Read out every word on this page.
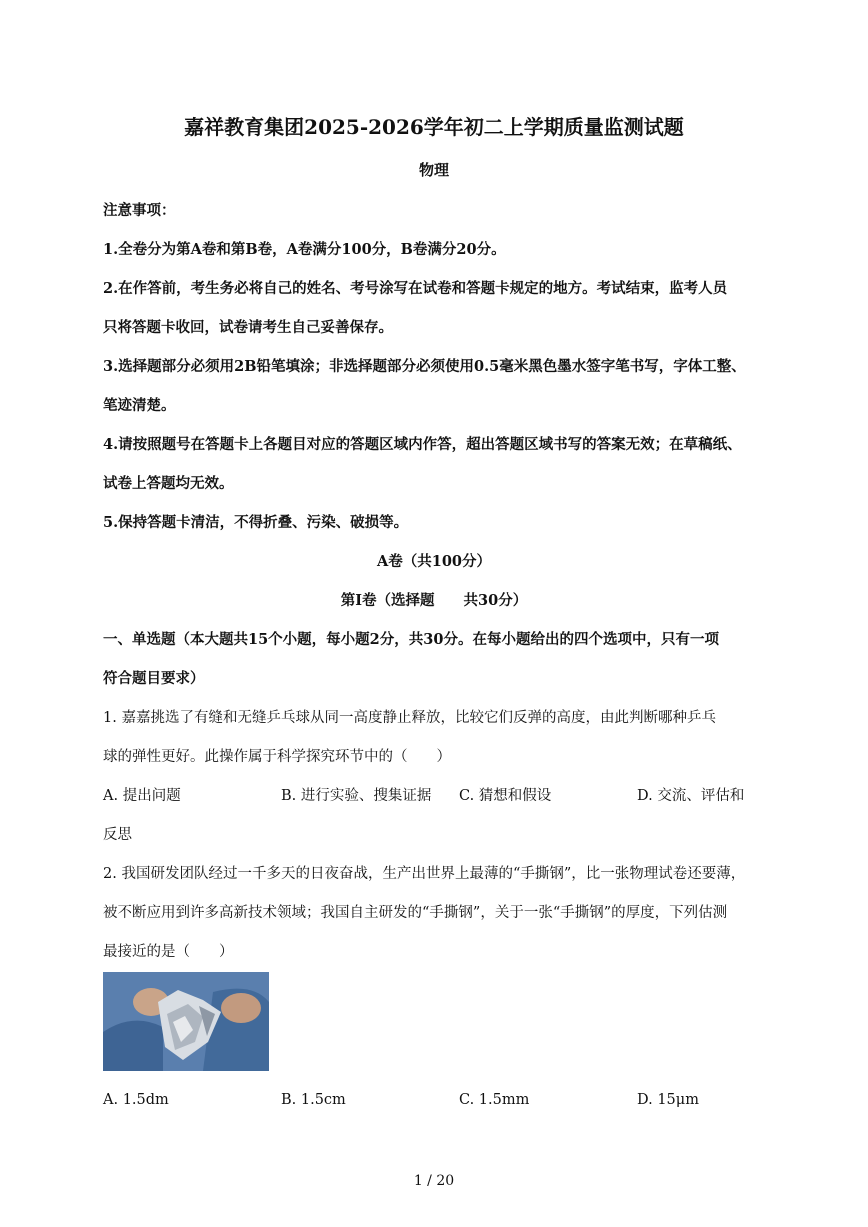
嘉祥教育集团2025-2026学年初二上学期质量监测试题
物理
注意事项：
1.全卷分为第A卷和第B卷，A卷满分100分，B卷满分20分。
2.在作答前，考生务必将自己的姓名、考号涂写在试卷和答题卡规定的地方。考试结束，监考人员
只将答题卡收回，试卷请考生自己妥善保存。
3.选择题部分必须用2B铅笔填涂；非选择题部分必须使用0.5毫米黑色墨水签字笔书写，字体工整、
笔迹清楚。
4.请按照题号在答题卡上各题目对应的答题区域内作答，超出答题区域书写的答案无效；在草稿纸、
试卷上答题均无效。
5.保持答题卡清洁，不得折叠、污染、破损等。
A卷（共100分）
第Ⅰ卷（选择题　　共30分）
一、单选题（本大题共15个小题，每小题2分，共30分。在每小题给出的四个选项中，只有一项
符合题目要求）
1. 嘉嘉挑选了有缝和无缝乒乓球从同一高度静止释放，比较它们反弹的高度，由此判断哪种乒乓
球的弹性更好。此操作属于科学探究环节中的（　　）
A. 提出问题	B. 进行实验、搜集证据 C. 猜想和假设	D. 交流、评估和
反思
2. 我国研发团队经过一千多天的日夜奋战，生产出世界上最薄的“手撕钢”，比一张物理试卷还要薄，
被不断应用到许多高新技术领域；我国自主研发的“手撕钢”，关于一张“手撕钢”的厚度，下列估测
最接近的是（　　）
A. 1.5dm	B. 1.5cm	C. 1.5mm	D. 15μm
1 / 20
